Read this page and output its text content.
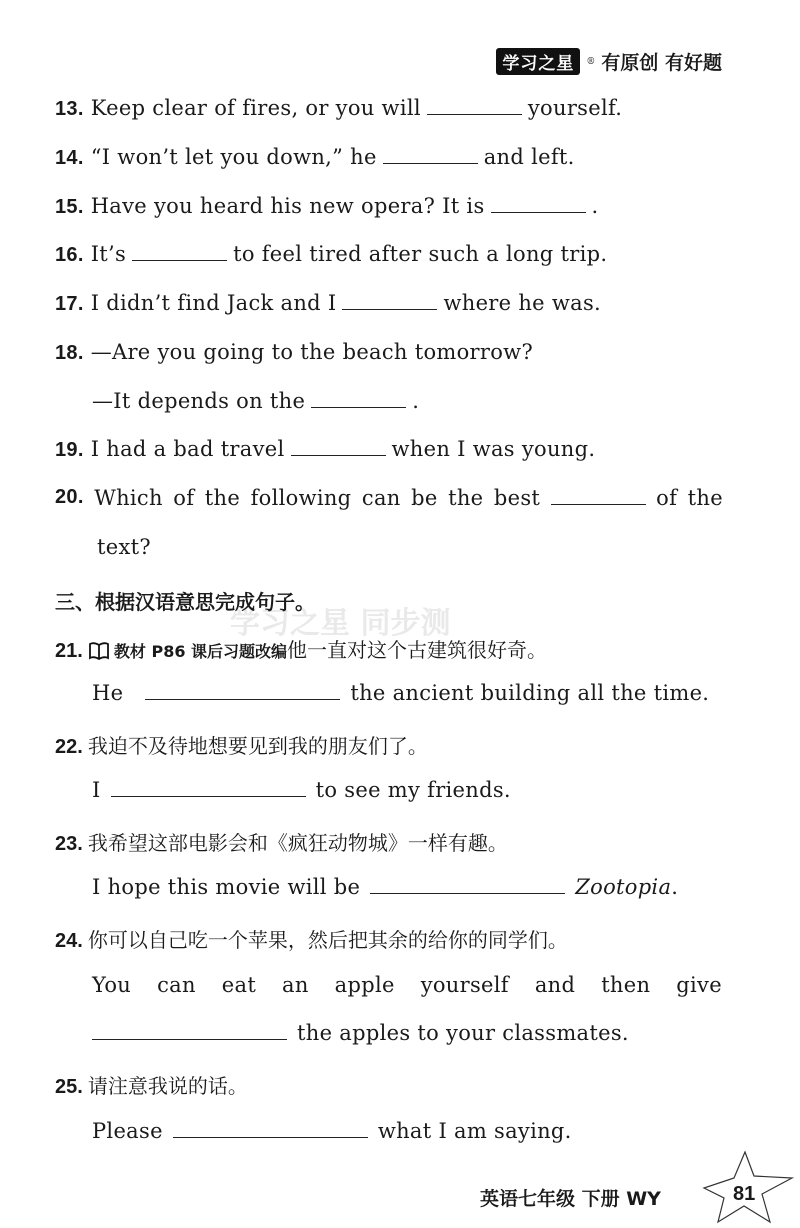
学习之星	® 有原创 有好题
学习之星 同步测
13. Keep clear of fires, or you will	yourself.
14. “I won’t let you down,” he	and left.
15. Have you heard his new opera? It is	.
16. It’s	to feel tired after such a long trip.
17. I didn’t find Jack and I	where he was.
18. —Are you going to the beach tomorrow?
—It depends on the	.
19. I had a bad travel	when I was young.
20. Which of the following can be the best	of the
text?
三、根据汉语意思完成句子。
21. 教材 P86 课后习题改编他一直对这个古建筑很好奇。
He	the ancient building all the time.
22. 我迫不及待地想要见到我的朋友们了。
I	to see my friends.
23. 我希望这部电影会和《疯狂动物城》一样有趣。
I hope this movie will be	Zootopia.
24. 你可以自己吃一个苹果，然后把其余的给你的同学们。
You can eat an apple yourself and then give
the apples to your classmates.
25. 请注意我说的话。
Please	what I am saying.
英语七年级 下册 WY	81
